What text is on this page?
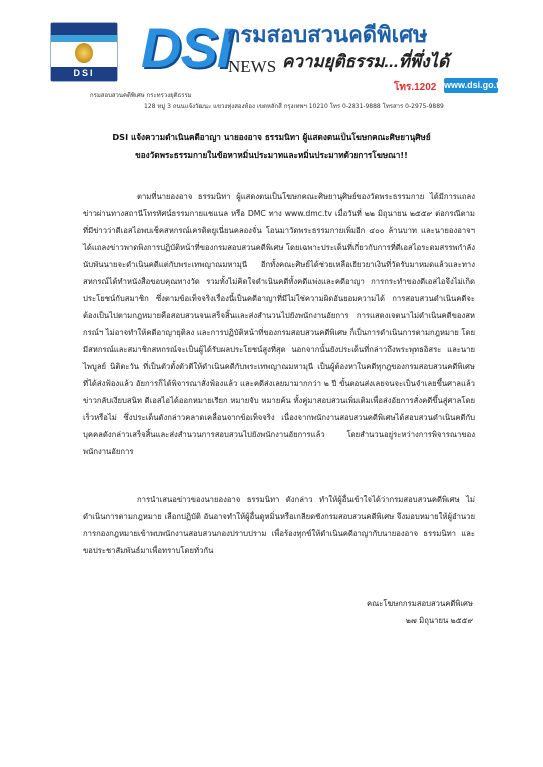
DSI DSI
กรมสอบสวนคดีพิเศษ
NEWS ความยุติธรรม...ที่พึ่งได้
โทร.1202 www.dsi.go.th
กรมสอบสวนคดีพิเศษ กระทรวงยุติธรรม
128 หมู่ 3 ถนนแจ้งวัฒนะ แขวงทุ่งสองห้อง เขตหลักสี่ กรุงเทพฯ 10210 โทร 0-2831-9888 โทรสาร 0-2975-9889
DSI แจ้งความดำเนินคดีอาญา นายองอาจ ธรรมนิทา ผู้แสดงตนเป็นโฆษกคณะศิษยานุศิษย์
ของวัดพระธรรมกายในข้อหาหมิ่นประมาทและหมิ่นประมาทด้วยการโฆษณา!!

ตามที่นายองอาจ ธรรมนิทา ผู้แสดงตนเป็นโฆษกคณะศิษยานุศิษย์ของวัดพระธรรมกาย ได้มีการแถลงข่าวผ่านทางสถานีโทรทัศน์ธรรมกายแชแนล หรือ DMC ทาง www.dmc.tv เมื่อวันที่ ๒๒ มิถุนายน ๒๕๕๙ ต่อกรณีตามที่มีข่าวว่าดีเอสไอพบเช็คสหกรณ์เครดิตยูเนี่ยนคลองจั่น โอนมาวัดพระธรรมกายเพิ่มอีก ๔๐๐ ล้านบาท และนายองอาจฯ ได้แถลงข่าวพาดพิงการปฏิบัติหน้าที่ของกรมสอบสวนคดีพิเศษ โดยเฉพาะประเด็นที่เกี่ยวกับการที่ดีเอสไอระดมสรรพกำลังนับพันนายจะดำเนินคดีแต่กับพระเทพญาณมหามุนี อีกทั้งคณะศิษย์ได้ช่วยเหลือเยียวยาเงินที่วัดรับมาหมดแล้วและทางสหกรณ์ได้ทำหนังสือขอบคุณทางวัด รวมทั้งไม่คิดใจดำเนินคดีทั้งคดีแพ่งและคดีอาญา การกระทำของดีเอสไอจึงไม่เกิดประโยชน์กับสมาชิก ซึ่งตามข้อเท็จจริงเรื่องนี้เป็นคดีอาญาที่มีไม่ใช่ความผิดอันยอมความได้ การสอบสวนดำเนินคดีจะต้องเป็นไปตามกฎหมายคือสอบสวนจนเสร็จสิ้นและส่งสำนวนไปยังพนักงานอัยการ การแสดงเจตนาไม่ดำเนินคดีของสหกรณ์ฯ ไม่อาจทำให้คดีอาญายุติลง และการปฏิบัติหน้าที่ของกรมสอบสวนคดีพิเศษ ก็เป็นการดำเนินการตามกฎหมาย โดยมีสหกรณ์และสมาชิกสหกรณ์จะเป็นผู้ได้รับผลประโยชน์สูงที่สุด นอกจากนั้นยังประเด็นที่กล่าวถึงพระพุทธอิสระ และนายไพบูลย์ นิติตะวัน ที่เป็นตัวตั้งตัวตีให้ดำเนินคดีกับพระเทพญาณมหามุนี เป็นผู้ต้องหาในคดีทุกฎของกรมสอบสวนคดีพิเศษที่ได้ส่งฟ้องแล้ว อัยการก็ได้พิจารณาสั่งฟ้องแล้ว และคดีส่งเลยมามากกว่า ๒ ปี ขั้นตอนส่งเลยจนจะเป็นจำเลยขึ้นศาลแล้ว ข่าวกลับเงียบสนิท ดีเอสไอได้ออกหมายเรียก หมายจับ หมายค้น ทั้งคู่มาสอบสวนเพิ่มเติมเพื่อส่งอัยการสั่งคดีขึ้นสู่ศาลโดยเร็วหรือไม่ ซึ่งประเด็นดังกล่าวคลาดเคลื่อนจากข้อเท็จจริง เนื่องจากพนักงานสอบสวนคดีพิเศษได้สอบสวนดำเนินคดีกับบุคคลดังกล่าวเสร็จสิ้นและส่งสำนวนการสอบสวนไปยังพนักงานอัยการแล้ว โดยสำนวนอยู่ระหว่างการพิจารณาของพนักงานอัยการ

การนำเสนอข่าวของนายองอาจ ธรรมนิทา ดังกล่าว ทำให้ผู้อื่นเข้าใจได้ว่ากรมสอบสวนคดีพิเศษ ไม่ดำเนินการตามกฎหมาย เลือกปฏิบัติ อันอาจทำให้ผู้อื่นดูหมิ่นหรือเกลียดชังกรมสอบสวนคดีพิเศษ จึงมอบหมายให้ผู้อำนวยการกองกฎหมายเข้าพบพนักงานสอบสวนกองปราบปราม เพื่อร้องทุกข์ให้ดำเนินคดีอาญากับนายองอาจ ธรรมนิทา และขอประชาสัมพันธ์มาเพื่อทราบโดยทั่วกัน

คณะโฆษกกรมสอบสวนคดีพิเศษ
๒๗ มิถุนายน ๒๕๕๙
